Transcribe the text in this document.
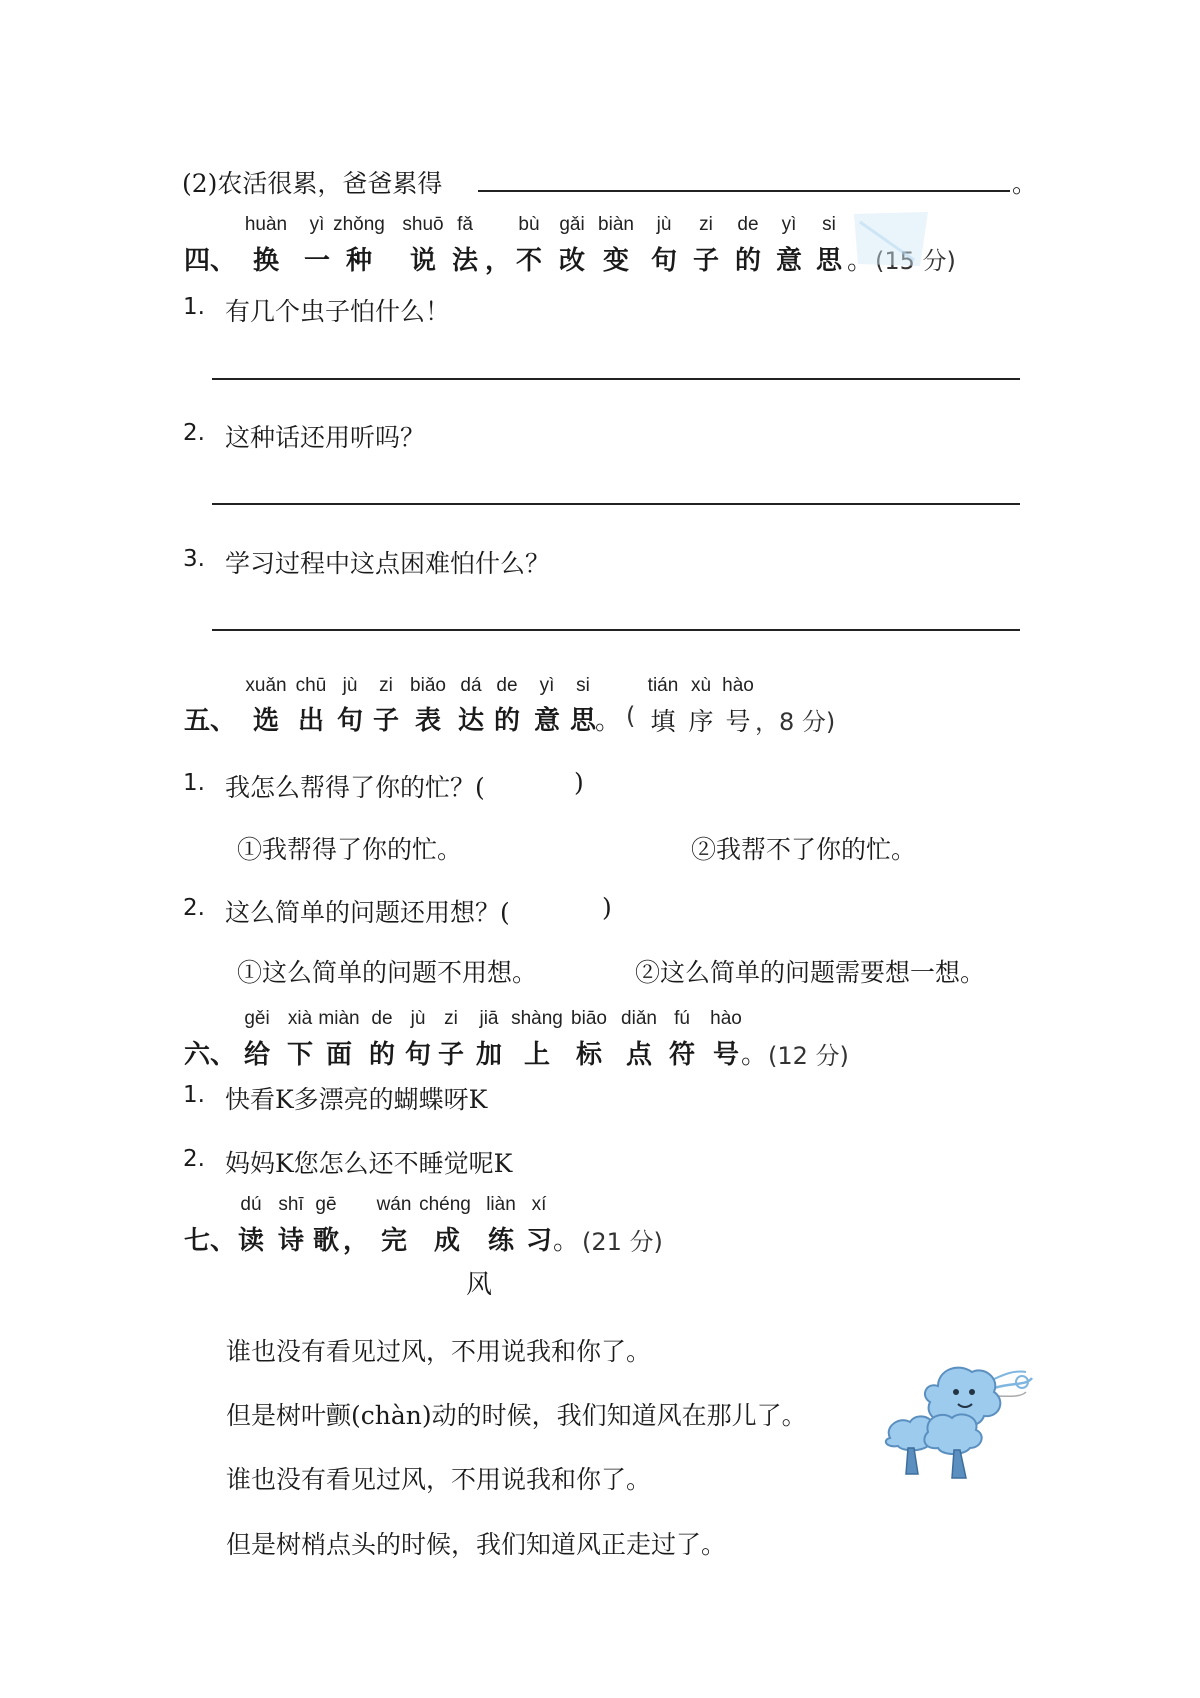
(2)农活很累，爸爸累得	。
huàn yì zhǒng shuō fǎ bù gǎi biàn jù zi de yì si
四、 换 一 种 说 法 ， 不 改 变 句 子 的 意 思 。 (15 分)
1. 有几个虫子怕什么！
2. 这种话还用听吗？
3. 学习过程中这点困难怕什么？
xuǎn chū jù zi biǎo dá de yì si	tián xù hào
五、 选 出 句 子 表 达 的 意 思
。 ( 填 序 号 ，8 分)
1. 我怎么帮得了你的忙？(	)
①我帮得了你的忙。	②我帮不了你的忙。
2. 这么简单的问题还用想？(	)
①这么简单的问题不用想。	②这么简单的问题需要想一想。
gěi xià miàn de jù zi jiā shàng biāo diǎn fú hào
六、 给 下 面 的 句 子 加 上 标 点 符 号 。 (12 分)
1. 快看K多漂亮的蝴蝶呀K
2. 妈妈K您怎么还不睡觉呢K
dú shī gē wán chéng liàn xí
七、 读 诗 歌 ， 完 成 练 习 。 (21 分)
风
谁也没有看见过风，不用说我和你了。
但是树叶颤(chàn)动的时候，我们知道风在那儿了。
谁也没有看见过风，不用说我和你了。
但是树梢点头的时候，我们知道风正走过了。
